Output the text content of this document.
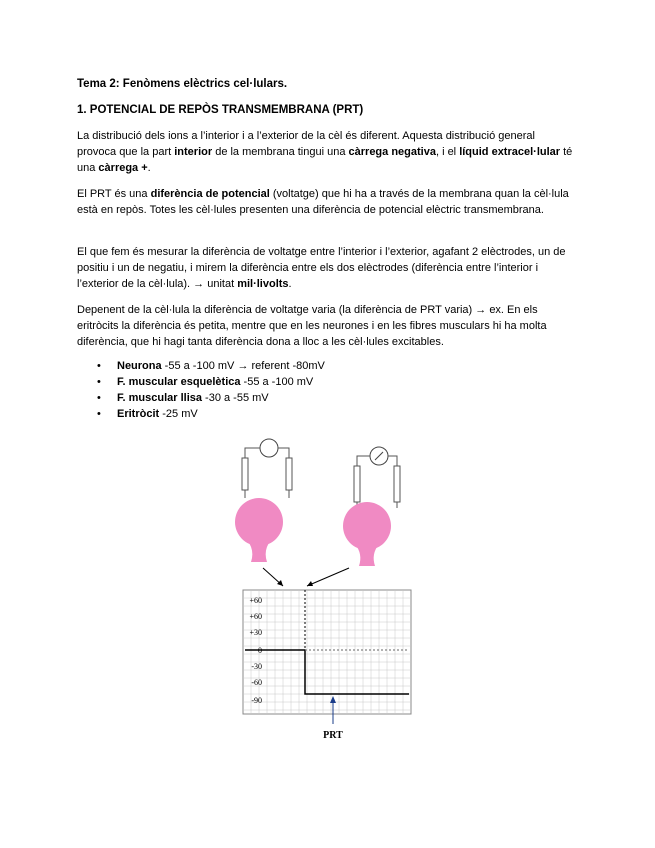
Tema 2: Fenòmens elèctrics cel·lulars.
1. POTENCIAL DE REPÒS TRANSMEMBRANA (PRT)
La distribució dels ions a l’interior i a l’exterior de la cèl és diferent. Aquesta distribució general provoca que la part interior de la membrana tingui una càrrega negativa, i el líquid extracel·lular té una càrrega +.
El PRT és una diferència de potencial (voltatge) que hi ha a través de la membrana quan la cèl·lula està en repòs. Totes les cèl·lules presenten una diferència de potencial elèctric transmembrana.
El que fem és mesurar la diferència de voltatge entre l’interior i l’exterior, agafant 2 elèctrodes, un de positiu i un de negatiu, i mirem la diferència entre els dos elèctrodes (diferència entre l’interior i l’exterior de la cèl·lula). → unitat mil·livolts.
Depenent de la cèl·lula la diferència de voltatge varia (la diferència de PRT varia) → ex. En els eritròcits la diferència és petita, mentre que en les neurones i en les fibres musculars hi ha molta diferència, que hi hagi tanta diferència dona a lloc a les cèl·lules excitables.
• Neurona -55 a -100 mV → referent -80mV
• F. muscular esquelètica -55 a -100 mV
• F. muscular llisa -30 a -55 mV
• Eritròcit -25 mV
+60
+60
+30
0
-30
-60
-90
PRT
